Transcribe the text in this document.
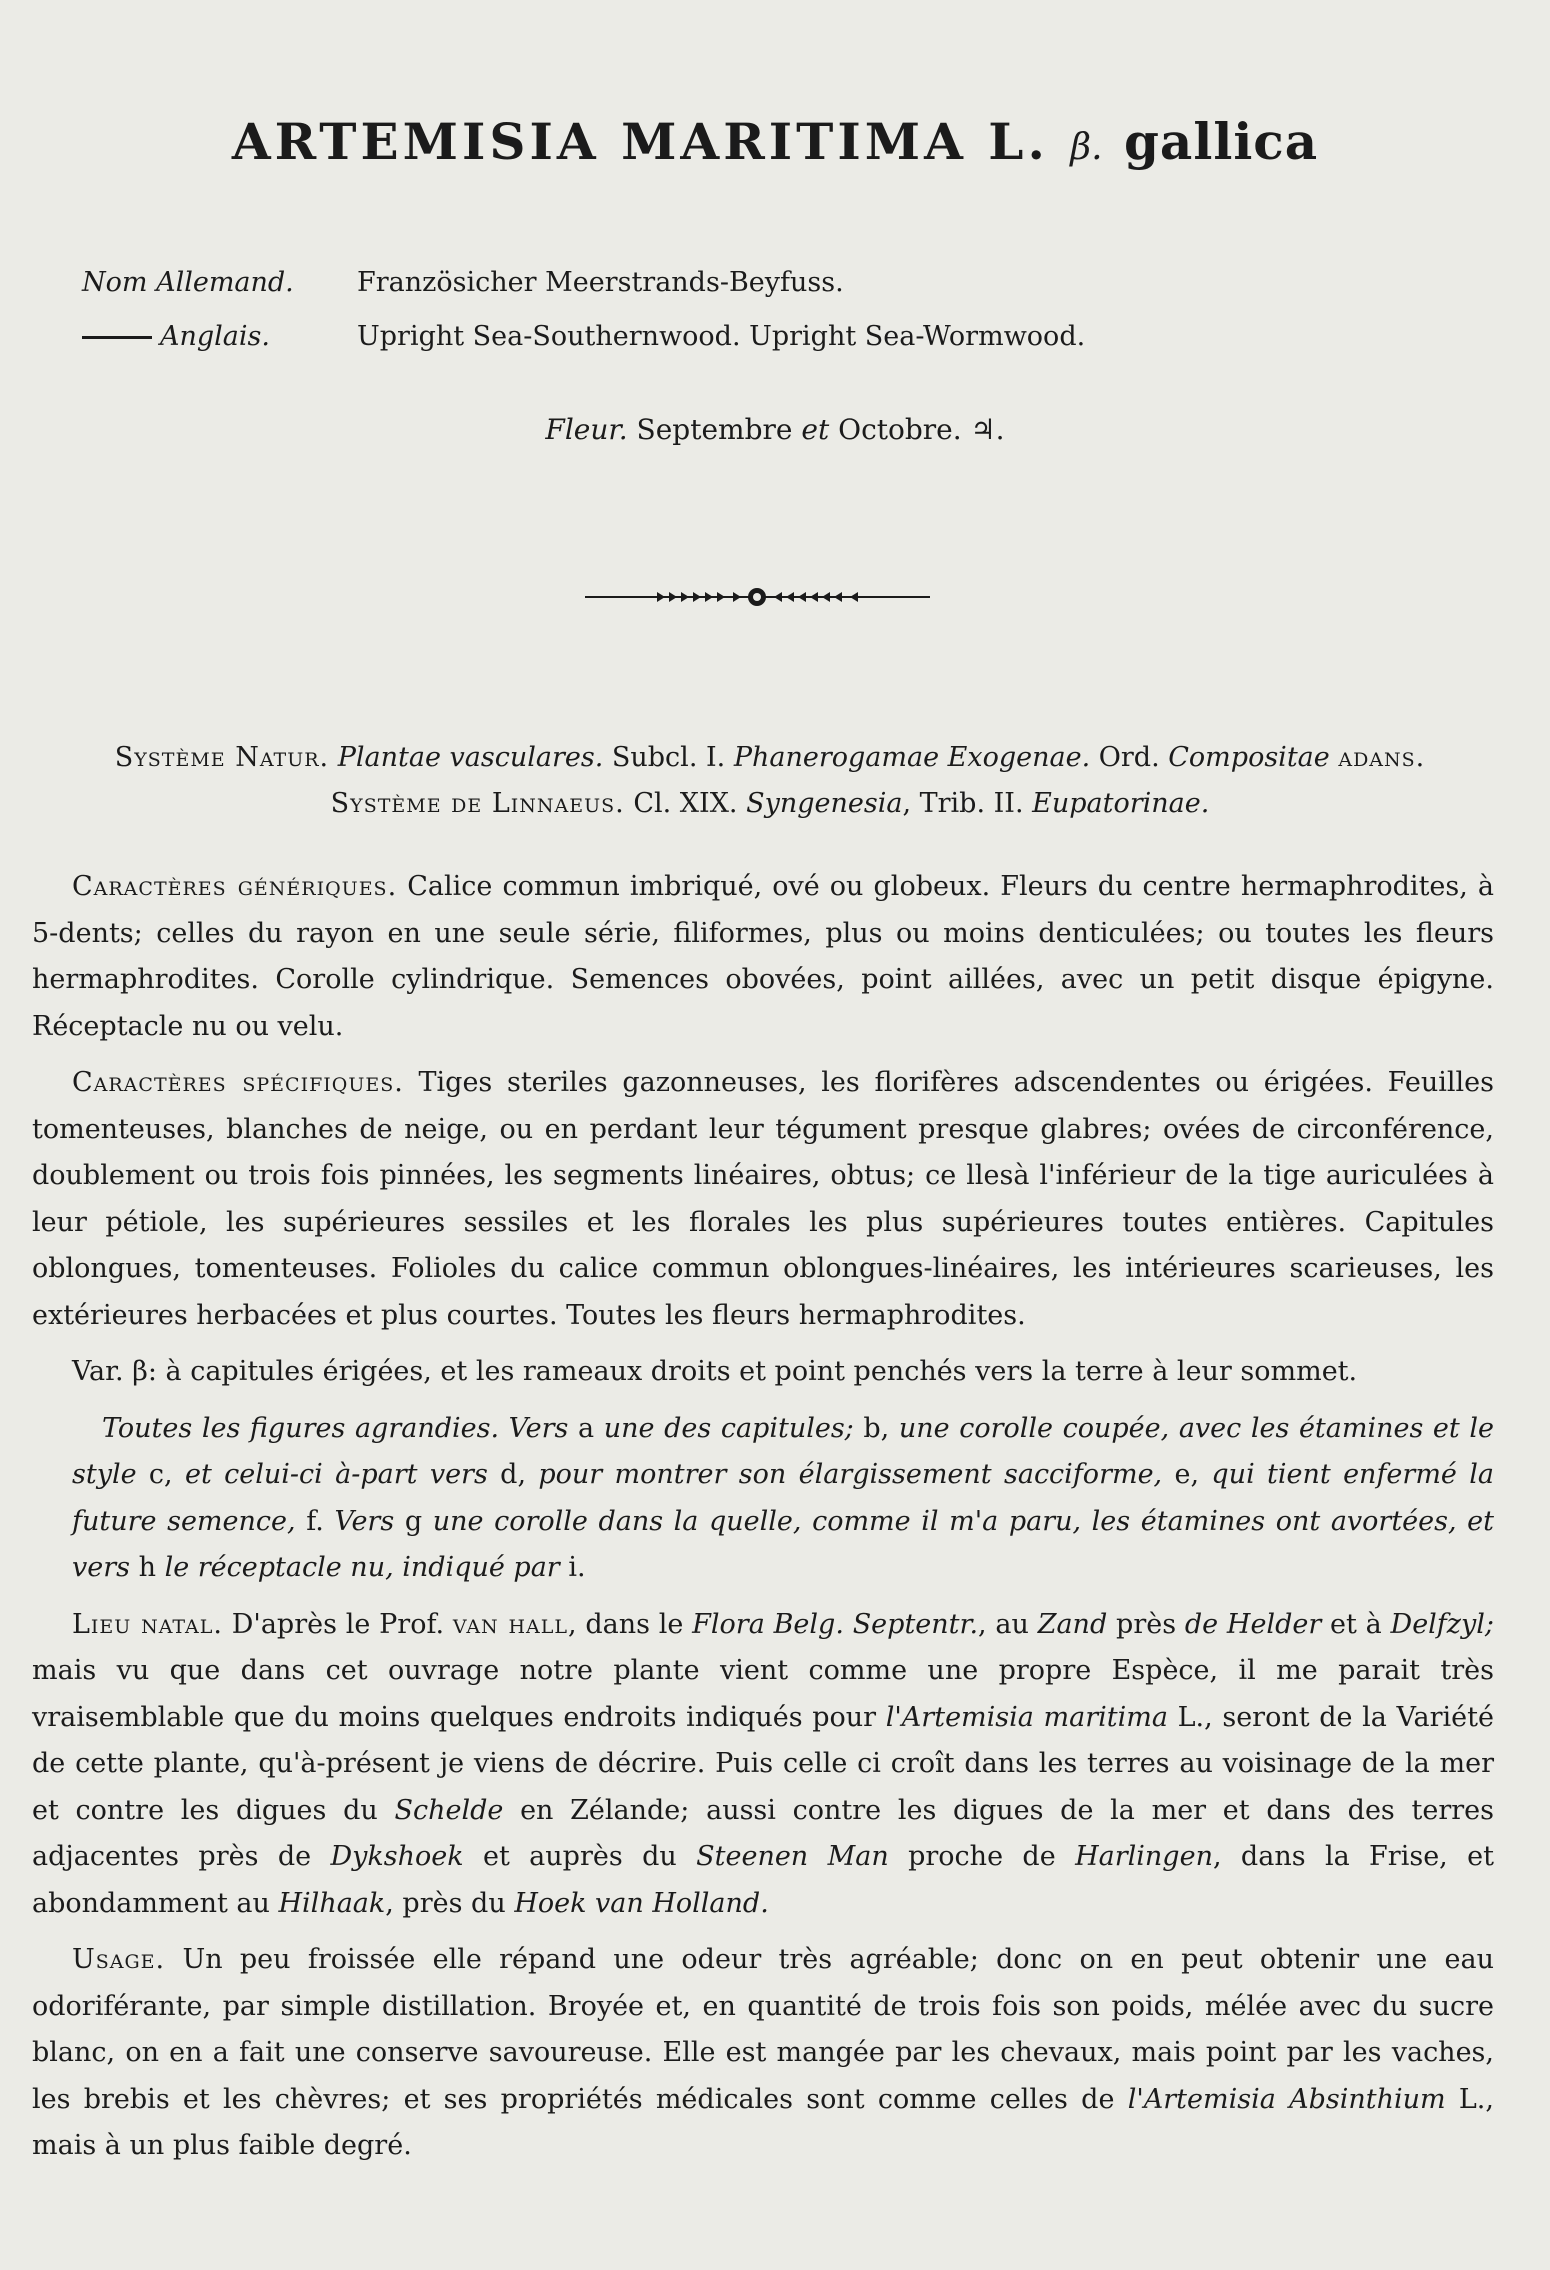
ARTEMISIA MARITIMA L. β. gallica
Nom Allemand.	Französicher Meerstrands-Beyfuss.
Anglais.	Upright Sea-Southernwood. Upright Sea-Wormwood.
Fleur. Septembre et Octobre. ♃.
Système Natur. Plantae vasculares. Subcl. I. Phanerogamae Exogenae. Ord. Compositae adans.
Système de Linnaeus. Cl. XIX. Syngenesia, Trib. II. Eupatorinae.

Caractères génériques. Calice commun imbriqué, ové ou globeux. Fleurs du centre hermaphrodites, à 5-dents; celles du rayon en une seule série, filiformes, plus ou moins denticulées; ou toutes les fleurs hermaphrodites. Corolle cylindrique. Semences obovées, point aillées, avec un petit disque épigyne. Réceptacle nu ou velu.

Caractères spécifiques. Tiges steriles gazonneuses, les florifères adscendentes ou érigées. Feuilles tomenteuses, blanches de neige, ou en perdant leur tégument presque glabres; ovées de circonférence, doublement ou trois fois pinnées, les segments linéaires, obtus; ce llesà l'inférieur de la tige auriculées à leur pétiole, les supérieures sessiles et les florales les plus supérieures toutes entières. Capitules oblongues, tomenteuses. Folioles du calice commun oblongues-linéaires, les intérieures scarieuses, les extérieures herbacées et plus courtes. Toutes les fleurs hermaphrodites.

Var. β: à capitules érigées, et les rameaux droits et point penchés vers la terre à leur sommet.

Toutes les figures agrandies. Vers a une des capitules; b, une corolle coupée, avec les étamines et le style c, et celui-ci à-part vers d, pour montrer son élargissement sacciforme, e, qui tient enfermé la future semence, f. Vers g une corolle dans la quelle, comme il m'a paru, les étamines ont avortées, et vers h le réceptacle nu, indiqué par i.

Lieu natal. D'après le Prof. van hall, dans le Flora Belg. Septentr., au Zand près de Helder et à Delfzyl; mais vu que dans cet ouvrage notre plante vient comme une propre Espèce, il me parait très vraisemblable que du moins quelques endroits indiqués pour l'Artemisia maritima L., seront de la Variété de cette plante, qu'à-présent je viens de décrire. Puis celle ci croît dans les terres au voisinage de la mer et contre les digues du Schelde en Zélande; aussi contre les digues de la mer et dans des terres adjacentes près de Dykshoek et auprès du Steenen Man proche de Harlingen, dans la Frise, et abondamment au Hilhaak, près du Hoek van Holland.

Usage. Un peu froissée elle répand une odeur très agréable; donc on en peut obtenir une eau odoriférante, par simple distillation. Broyée et, en quantité de trois fois son poids, mélée avec du sucre blanc, on en a fait une conserve savoureuse. Elle est mangée par les chevaux, mais point par les vaches, les brebis et les chèvres; et ses propriétés médicales sont comme celles de l'Artemisia Absinthium L., mais à un plus faible degré.
